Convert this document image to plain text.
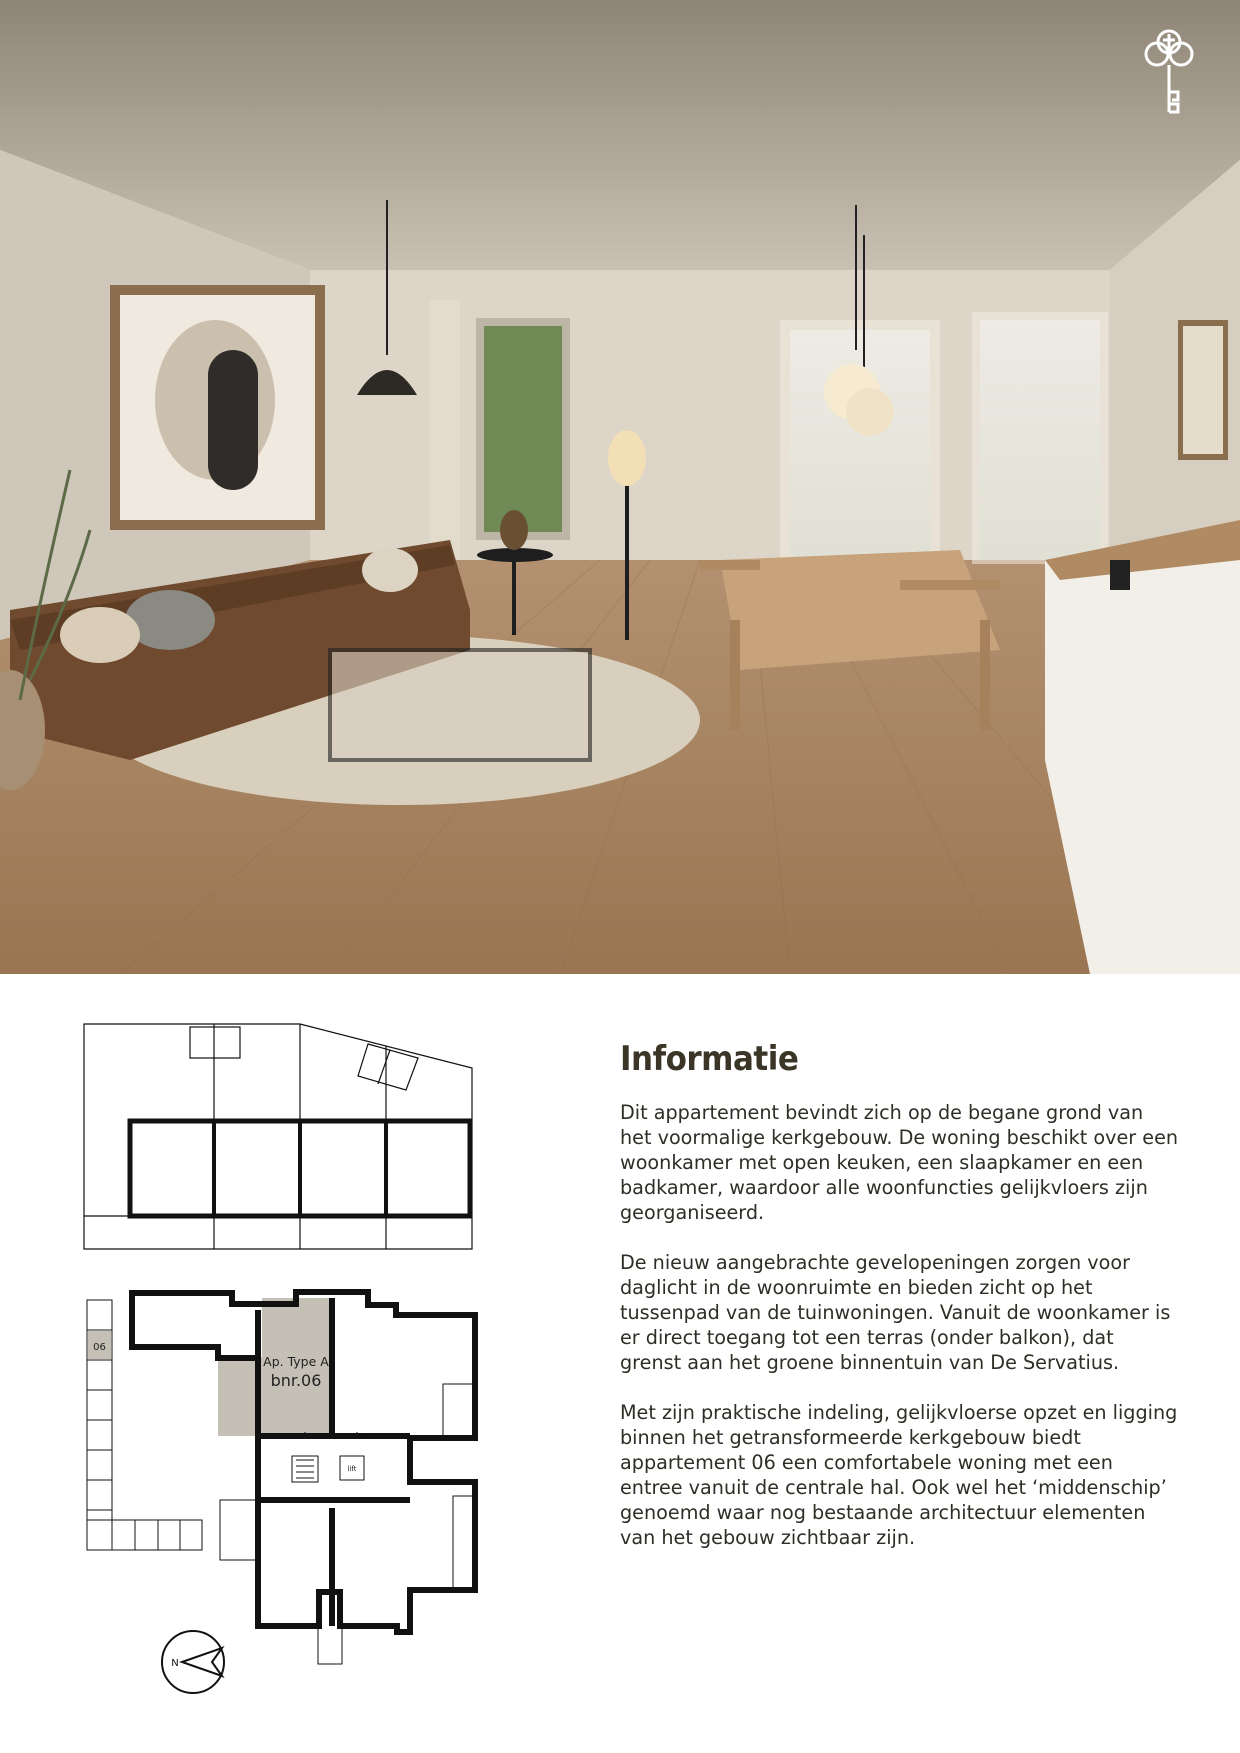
06
Ap. Type A
bnr.06
lift
N
Informatie

Dit appartement bevindt zich op de begane grond van het voormalige kerkgebouw. De woning beschikt over een woonkamer met open keuken, een slaapkamer en een badkamer, waardoor alle woonfuncties gelijkvloers zijn georganiseerd.

De nieuw aangebrachte gevelopeningen zorgen voor daglicht in de woonruimte en bieden zicht op het tussenpad van de tuinwoningen. Vanuit de woonkamer is er direct toegang tot een terras (onder balkon), dat grenst aan het groene binnentuin van De Servatius.

Met zijn praktische indeling, gelijkvloerse opzet en ligging binnen het getransformeerde kerkgebouw biedt appartement 06 een comfortabele woning met een entree vanuit de centrale hal. Ook wel het ‘middenschip’ genoemd waar nog bestaande architectuur elementen van het gebouw zichtbaar zijn.
